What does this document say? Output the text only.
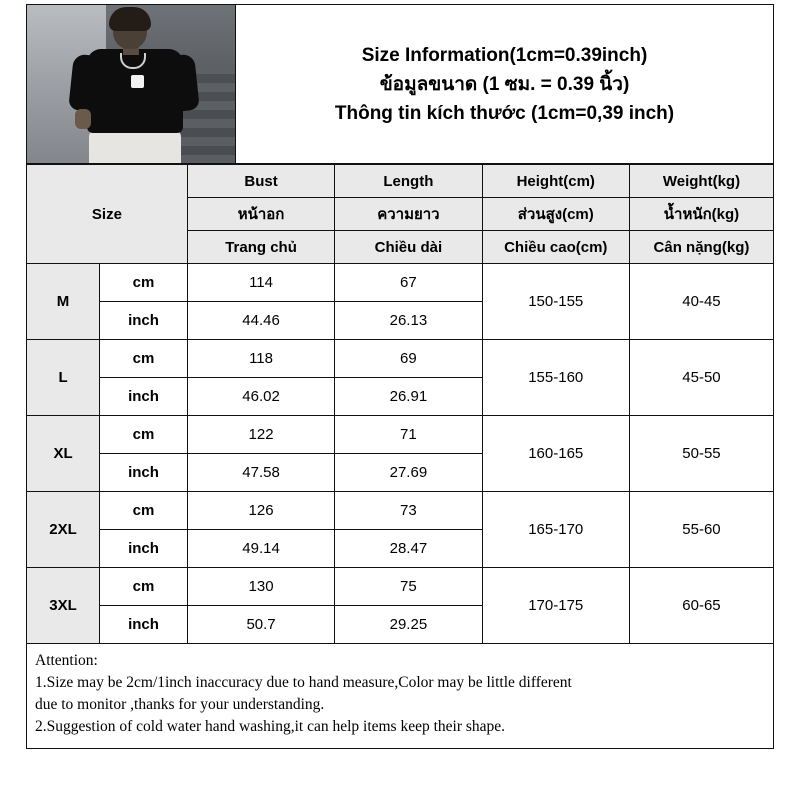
Size Information(1cm=0.39inch)
ข้อมูลขนาด (1 ซม. = 0.39 นิ้ว)
Thông tin kích thước (1cm=0,39 inch)
Size		Bust	Length	Height(cm)	Weight(kg)
		หน้าอก	ความยาว	ส่วนสูง(cm)	น้ำหนัก(kg)
		Trang chủ	Chiều dài	Chiều cao(cm)	Cân nặng(kg)
M	cm	114	67	150-155	40-45
	inch	44.46	26.13		
L	cm	118	69	155-160	45-50
	inch	46.02	26.91		
XL	cm	122	71	160-165	50-55
	inch	47.58	27.69		
2XL	cm	126	73	165-170	55-60
	inch	49.14	28.47		
3XL	cm	130	75	170-175	60-65
	inch	50.7	29.25		

Attention:

1.Size may be 2cm/1inch inaccuracy due to hand measure,Color may be little different

due to monitor ,thanks for your understanding.

2.Suggestion of cold water hand washing,it can help items keep their shape.
